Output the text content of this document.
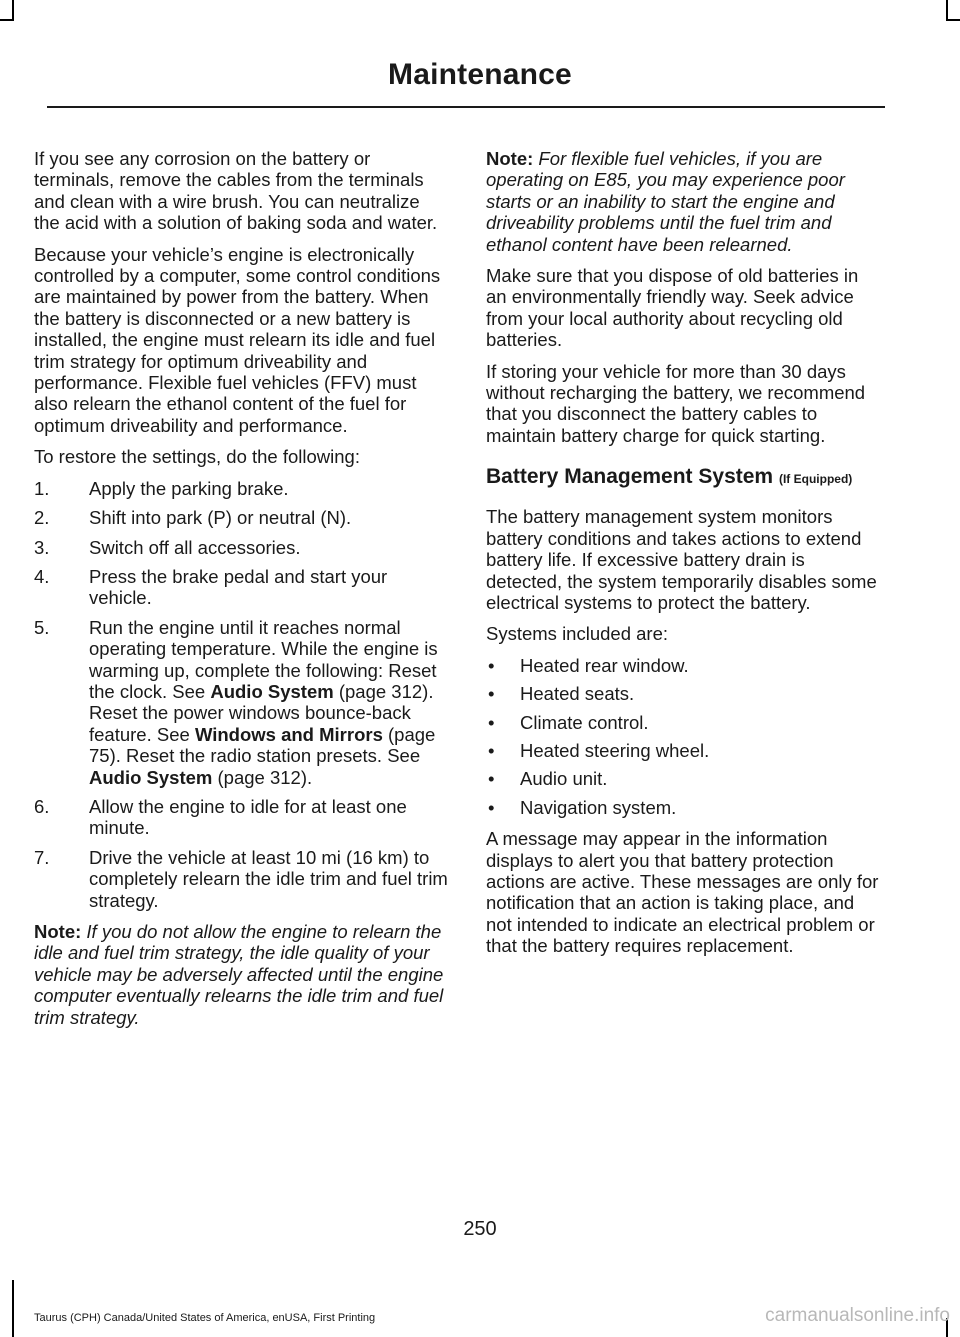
Maintenance

If you see any corrosion on the battery or terminals, remove the cables from the terminals and clean with a wire brush. You can neutralize the acid with a solution of baking soda and water.

Because your vehicle’s engine is electronically controlled by a computer, some control conditions are maintained by power from the battery. When the battery is disconnected or a new battery is installed, the engine must relearn its idle and fuel trim strategy for optimum driveability and performance. Flexible fuel vehicles (FFV) must also relearn the ethanol content of the fuel for optimum driveability and performance.

To restore the settings, do the following:

1. Apply the parking brake.
2. Shift into park (P) or neutral (N).
3. Switch off all accessories.
4. Press the brake pedal and start your vehicle.
5. Run the engine until it reaches normal operating temperature. While the engine is warming up, complete the following: Reset the clock. See Audio System (page 312). Reset the power windows bounce-back feature. See Windows and Mirrors (page 75). Reset the radio station presets. See Audio System (page 312).
6. Allow the engine to idle for at least one minute.
7. Drive the vehicle at least 10 mi (16 km) to completely relearn the idle trim and fuel trim strategy.

Note: If you do not allow the engine to relearn the idle and fuel trim strategy, the idle quality of your vehicle may be adversely affected until the engine computer eventually relearns the idle trim and fuel trim strategy.

Note: For flexible fuel vehicles, if you are operating on E85, you may experience poor starts or an inability to start the engine and driveability problems until the fuel trim and ethanol content have been relearned.

Make sure that you dispose of old batteries in an environmentally friendly way. Seek advice from your local authority about recycling old batteries.

If storing your vehicle for more than 30 days without recharging the battery, we recommend that you disconnect the battery cables to maintain battery charge for quick starting.

Battery Management System (If Equipped)

The battery management system monitors battery conditions and takes actions to extend battery life. If excessive battery drain is detected, the system temporarily disables some electrical systems to protect the battery.

Systems included are:

• Heated rear window.
• Heated seats.
• Climate control.
• Heated steering wheel.
• Audio unit.
• Navigation system.

A message may appear in the information displays to alert you that battery protection actions are active. These messages are only for notification that an action is taking place, and not intended to indicate an electrical problem or that the battery requires replacement.

250
Taurus (CPH) Canada/United States of America, enUSA, First Printing	carmanualsonline.info
